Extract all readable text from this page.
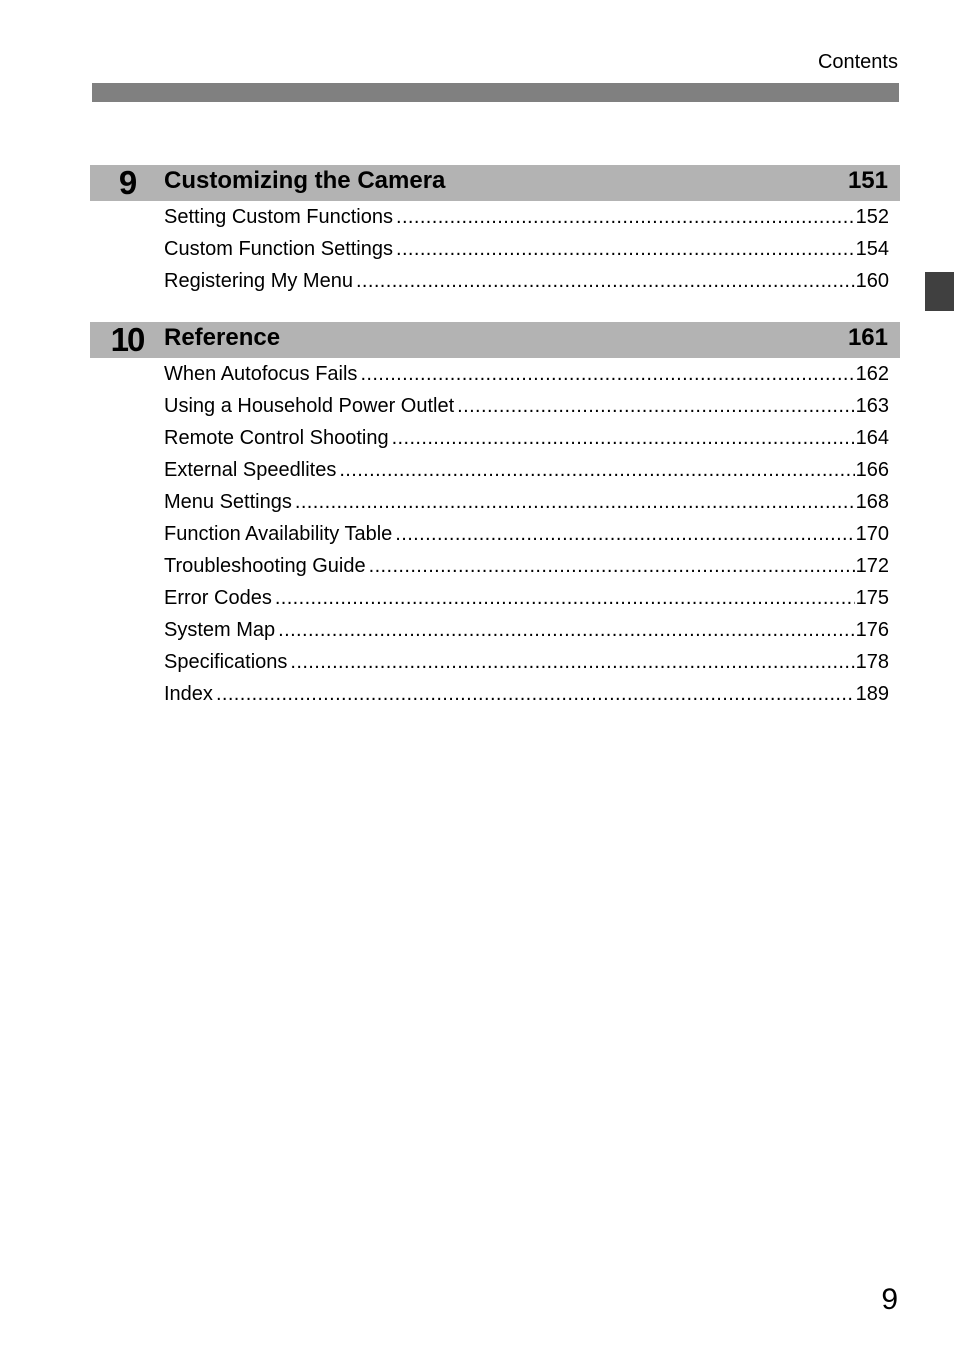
Contents
9	Customizing the Camera	151
Setting Custom Functions .....	152
Custom Function Settings .....	154
Registering My Menu .....	160
10 Reference	161
When Autofocus Fails .....	162
Using a Household Power Outlet .....	163
Remote Control Shooting .....	164
External Speedlites .....	166
Menu Settings .....	168
Function Availability Table .....	170
Troubleshooting Guide .....	172
Error Codes .....	175
System Map .....	176
Specifications .....	178
Index .....	189
9
